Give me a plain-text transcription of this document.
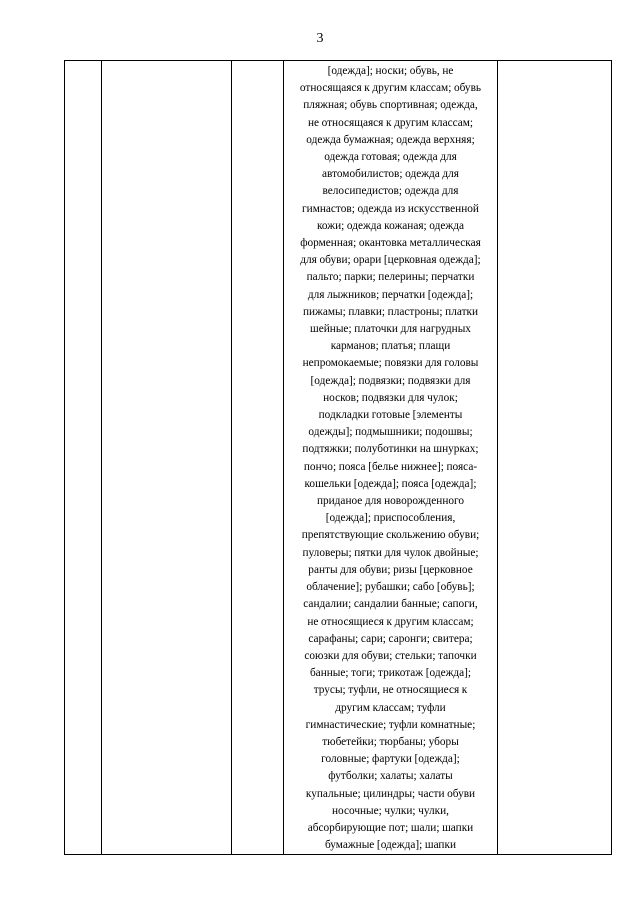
3

[одежда]; носки; обувь, не
относящаяся к другим классам; обувь
пляжная; обувь спортивная; одежда,
не относящаяся к другим классам;
одежда бумажная; одежда верхняя;
одежда готовая; одежда для
автомобилистов; одежда для
велосипедистов; одежда для
гимнастов; одежда из искусственной
кожи; одежда кожаная; одежда
форменная; окантовка металлическая
для обуви; орари [церковная одежда];
пальто; парки; пелерины; перчатки
для лыжников; перчатки [одежда];
пижамы; плавки; пластроны; платки
шейные; платочки для нагрудных
карманов; платья; плащи
непромокаемые; повязки для головы
[одежда]; подвязки; подвязки для
носков; подвязки для чулок;
подкладки готовые [элементы
одежды]; подмышники; подошвы;
подтяжки; полуботинки на шнурках;
пончо; пояса [белье нижнее]; пояса-
кошельки [одежда]; пояса [одежда];
приданое для новорожденного
[одежда]; приспособления,
препятствующие скольжению обуви;
пуловеры; пятки для чулок двойные;
ранты для обуви; ризы [церковное
облачение]; рубашки; сабо [обувь];
сандалии; сандалии банные; сапоги,
не относящиеся к другим классам;
сарафаны; сари; саронги; свитера;
союзки для обуви; стельки; тапочки
банные; тоги; трикотаж [одежда];
трусы; туфли, не относящиеся к
другим классам; туфли
гимнастические; туфли комнатные;
тюбетейки; тюрбаны; уборы
головные; фартуки [одежда];
футболки; халаты; халаты
купальные; цилиндры; части обуви
носочные; чулки; чулки,
абсорбирующие пот; шали; шапки
бумажные [одежда]; шапки
